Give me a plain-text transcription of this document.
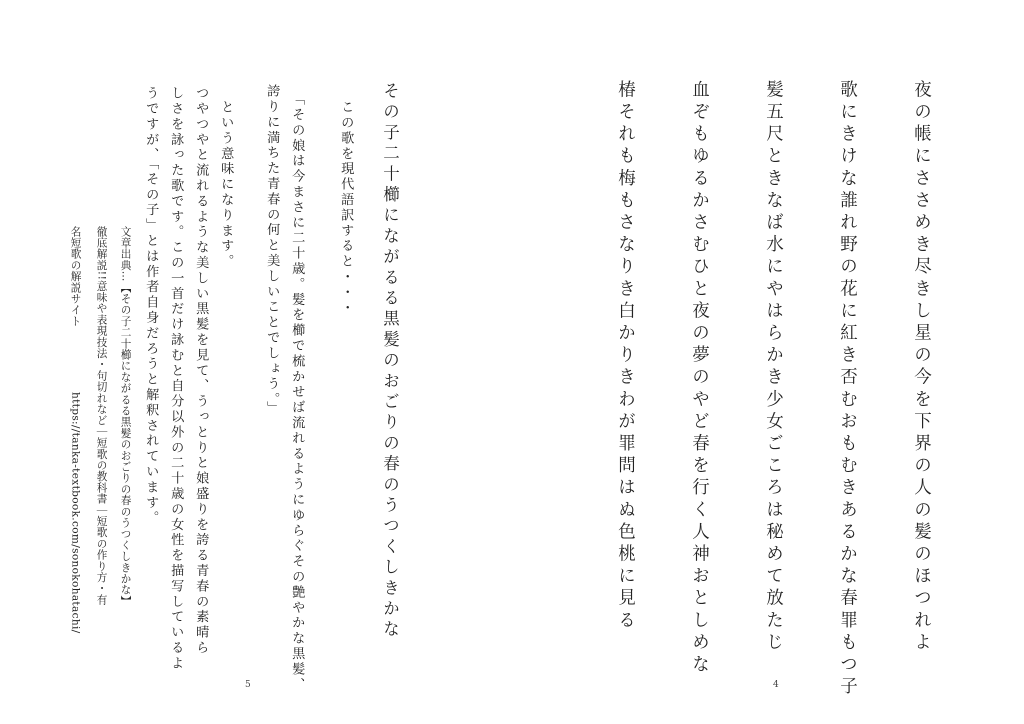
その子二十櫛にながるる黒髪のおごりの春のうつくしきかな

この歌を現代語訳すると・・・

「その娘は今まさに二十歳。髪を櫛で梳かせば流れるようにゆらぐその艶やかな黒髪、

誇りに満ちた青春の何と美しいことでしょう。」

という意味になります。

つやつやと流れるような美しい黒髪を見て、うっとりと娘盛りを誇る青春の素晴ら

しさを詠った歌です。この一首だけ詠むと自分以外の二十歳の女性を描写しているよ

うですが、「その子」とは作者自身だろうと解釈されています。

文章出典…【その子二十櫛にながるる黒髪のおごりの春のうつくしきかな】

徹底解説!!意味や表現技法・句切れなど｜短歌の教科書｜短歌の作り方・有

名短歌の解説サイト

https://tanka-textbook.com/sonokohatachi/

5

夜の帳にささめき尽きし星の今を下界の人の髪のほつれよ

歌にきけな誰れ野の花に紅き否むおもむきあるかな春罪もつ子

髪五尺ときなば水にやはらかき少女ごころは秘めて放たじ

血ぞもゆるかさむひと夜の夢のやど春を行く人神おとしめな

椿それも梅もさなりき白かりきわが罪問はぬ色桃に見る

4
